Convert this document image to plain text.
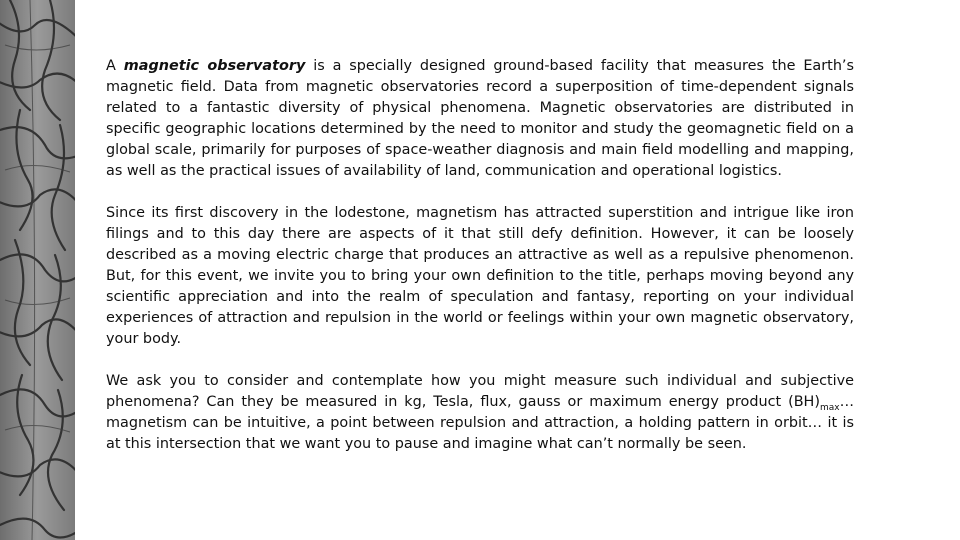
A magnetic observatory is a specially designed ground-based facility that measures the Earth’s magnetic field. Data from magnetic observatories record a superposition of time-dependent signals related to a fantastic diversity of physical phenomena. Magnetic observatories are distributed in specific geographic locations determined by the need to monitor and study the geomagnetic field on a global scale, primarily for purposes of space-weather diagnosis and main field modelling and mapping, as well as the practical issues of availability of land, communication and operational logistics.

Since its first discovery in the lodestone, magnetism has attracted superstition and intrigue like iron filings and to this day there are aspects of it that still defy definition. However, it can be loosely described as a moving electric charge that produces an attractive as well as a repulsive phenomenon. But, for this event, we invite you to bring your own definition to the title, perhaps moving beyond any scientific appreciation and into the realm of speculation and fantasy, reporting on your individual experiences of attraction and repulsion in the world or feelings within your own magnetic observatory, your body.

We ask you to consider and contemplate how you might measure such individual and subjective phenomena? Can they be measured in kg, Tesla, flux, gauss or maximum energy product $(BH)_{max}\dots$ magnetism can be intuitive, a point between repulsion and attraction, a holding pattern in orbit… it is at this intersection that we want you to pause and imagine what can’t normally be seen.
